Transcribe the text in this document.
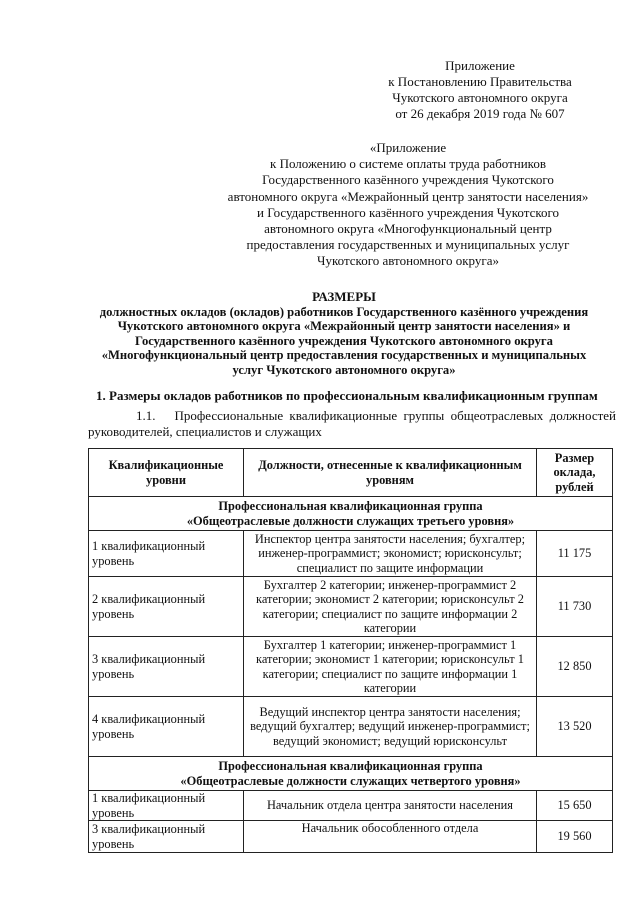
Приложение
к Постановлению Правительства
Чукотского автономного округа
от 26 декабря 2019 года № 607
«Приложение
к Положению о системе оплаты труда работников
Государственного казённого учреждения Чукотского
автономного округа «Межрайонный центр занятости населения»
и Государственного казённого учреждения Чукотского
автономного округа «Многофункциональный центр
предоставления государственных и муниципальных услуг
Чукотского автономного округа»
РАЗМЕРЫ
должностных окладов (окладов) работников Государственного казённого учреждения
Чукотского автономного округа «Межрайонный центр занятости населения» и
Государственного казённого учреждения Чукотского автономного округа
«Многофункциональный центр предоставления государственных и муниципальных
услуг Чукотского автономного округа»
1. Размеры окладов работников по профессиональным квалификационным группам
1.1. Профессиональные квалификационные группы общеотраслевых должностей руководителей, специалистов и служащих
Квалификационные уровни	Должности, отнесенные к квалификационным уровням	Размер оклада, рублей

Профессиональная квалификационная группа
«Общеотраслевые должности служащих третьего уровня»		

1 квалификационный уровень	Инспектор центра занятости населения; бухгалтер; инженер-программист; экономист; юрисконсульт; специалист по защите информации	11 175
2 квалификационный уровень	Бухгалтер 2 категории; инженер-программист 2 категории; экономист 2 категории; юрисконсульт 2 категории; специалист по защите информации 2 категории	11 730
3 квалификационный уровень	Бухгалтер 1 категории; инженер-программист 1 категории; экономист 1 категории; юрисконсульт 1 категории; специалист по защите информации 1 категории	12 850
4 квалификационный уровень	Ведущий инспектор центра занятости населения; ведущий бухгалтер; ведущий инженер-программист; ведущий экономист; ведущий юрисконсульт	13 520

Профессиональная квалификационная группа
«Общеотраслевые должности служащих четвертого уровня»		

1 квалификационный уровень	Начальник отдела центра занятости населения	15 650
3 квалификационный уровень	Начальник обособленного отдела	19 560
